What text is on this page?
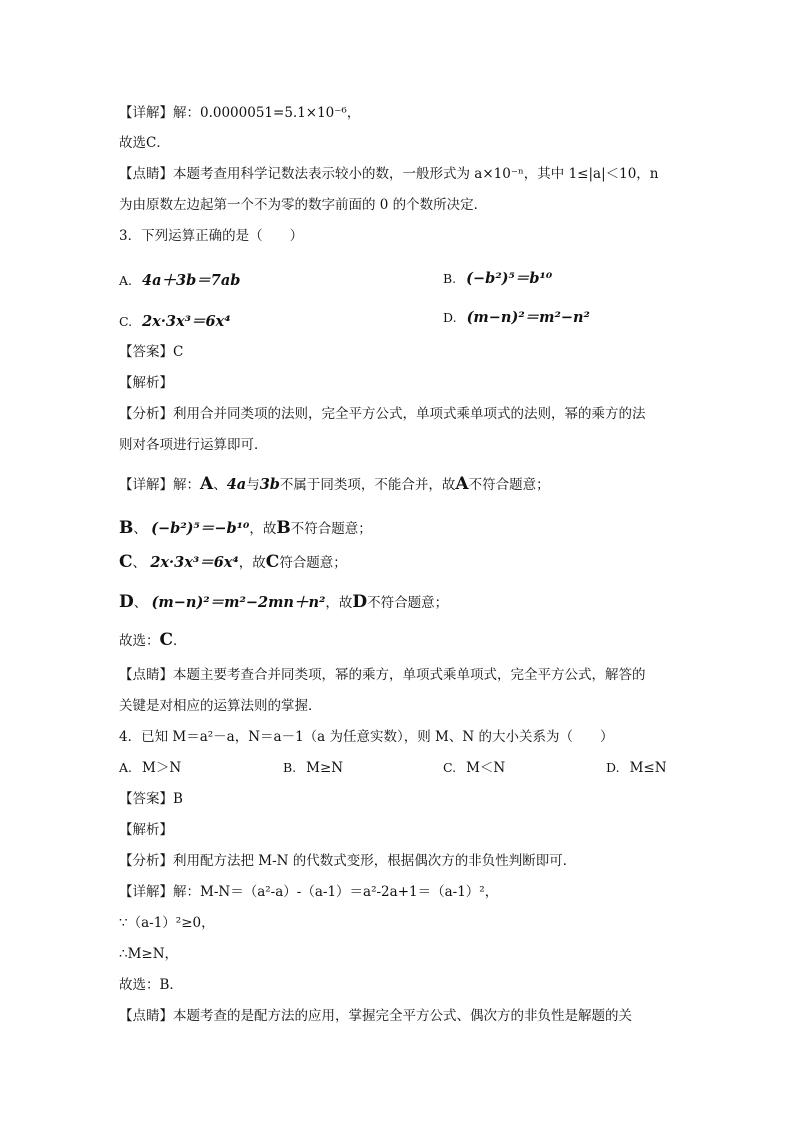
【详解】解：0.0000051=5.1×10⁻⁶，
故选C．
【点睛】本题考查用科学记数法表示较小的数，一般形式为 a×10⁻ⁿ，其中 1≤|a|＜10，n
为由原数左边起第一个不为零的数字前面的 0 的个数所决定．
3．下列运算正确的是（　　）
A. 4a＋3b＝7ab	B. (−b²)⁵＝b¹⁰
C. 2x·3x³＝6x⁴	D. (m−n)²＝m²−n²
【答案】C
【解析】
【分析】利用合并同类项的法则，完全平方公式，单项式乘单项式的法则，幂的乘方的法
则对各项进行运算即可．
【详解】解：A、4a与3b不属于同类项，不能合并，故A不符合题意；
B、 (−b²)⁵＝−b¹⁰，故B不符合题意；
C、 2x·3x³＝6x⁴，故C符合题意；
D、 (m−n)²＝m²−2mn＋n²，故D不符合题意；
故选：C．
【点睛】本题主要考查合并同类项，幂的乘方，单项式乘单项式，完全平方公式，解答的
关键是对相应的运算法则的掌握．
4．已知 M＝a²－a，N＝a－1（a 为任意实数），则 M、N 的大小关系为（　　）
A. M＞N	B. M≥N	C. M＜N	D. M≤N
【答案】B
【解析】
【分析】利用配方法把 M-N 的代数式变形，根据偶次方的非负性判断即可．
【详解】解：M-N＝（a²-a）-（a-1）＝a²-2a+1＝（a-1）²，
∵（a-1）²≥0，
∴M≥N，
故选：B．
【点睛】本题考查的是配方法的应用，掌握完全平方公式、偶次方的非负性是解题的关
